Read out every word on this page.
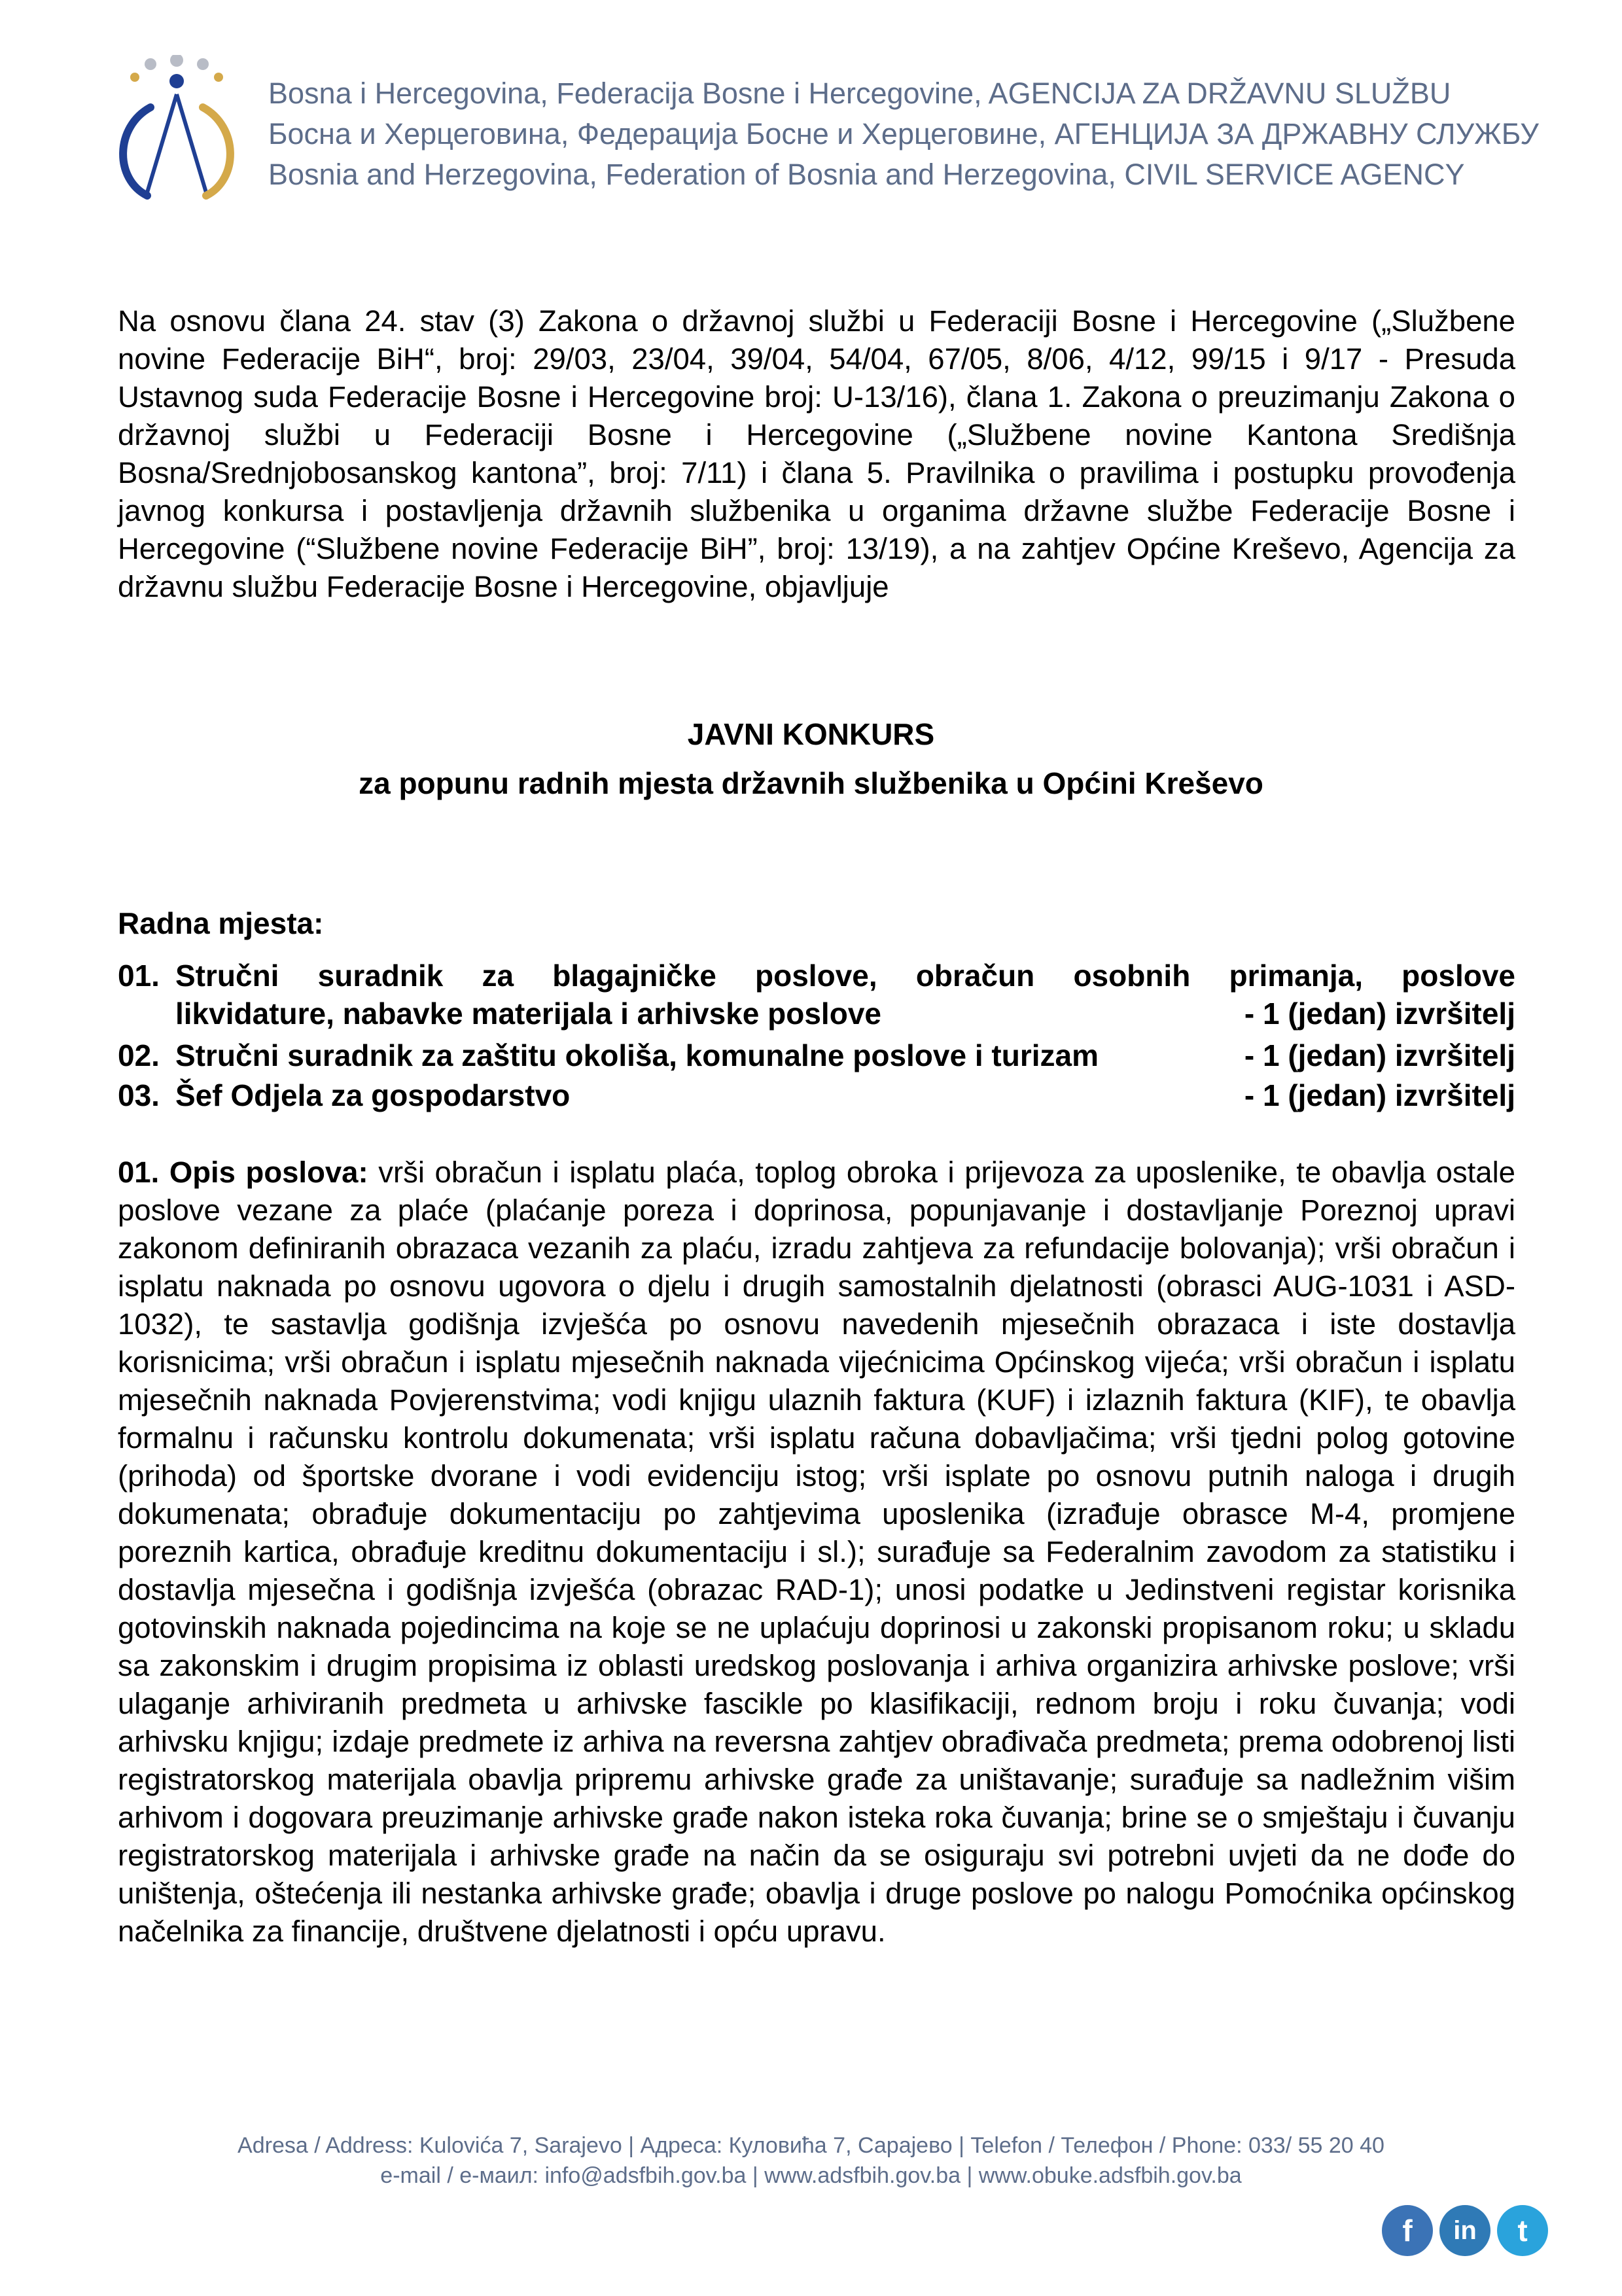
Bosna i Hercegovina, Federacija Bosne i Hercegovine, AGENCIJA ZA DRŽAVNU SLUŽBU
Босна и Херцеговина, Федерација Босне и Херцеговине, АГЕНЦИЈА ЗА ДРЖАВНУ СЛУЖБУ
Bosnia and Herzegovina, Federation of Bosnia and Herzegovina, CIVIL SERVICE AGENCY
Na osnovu člana 24. stav (3) Zakona o državnoj službi u Federaciji Bosne i Hercegovine („Službene novine Federacije BiH“, broj: 29/03, 23/04, 39/04, 54/04, 67/05, 8/06, 4/12, 99/15 i 9/17 - Presuda Ustavnog suda Federacije Bosne i Hercegovine broj: U-13/16), člana 1. Zakona o preuzimanju Zakona o državnoj službi u Federaciji Bosne i Hercegovine („Službene novine Kantona Središnja Bosna/Srednjobosanskog kantona”, broj: 7/11) i člana 5. Pravilnika o pravilima i postupku provođenja javnog konkursa i postavljenja državnih službenika u organima državne službe Federacije Bosne i Hercegovine (“Službene novine Federacije BiH”, broj: 13/19), a na zahtjev Općine Kreševo, Agencija za državnu službu Federacije Bosne i Hercegovine, objavljuje
JAVNI KONKURS
za popunu radnih mjesta državnih službenika u Općini Kreševo
Radna mjesta:
01. Stručni suradnik za blagajničke poslove, obračun osobnih primanja, poslove
likvidature, nabavke materijala i arhivske poslove	- 1 (jedan) izvršitelj
02. Stručni suradnik za zaštitu okoliša, komunalne poslove i turizam	- 1 (jedan) izvršitelj
03. Šef Odjela za gospodarstvo	- 1 (jedan) izvršitelj
01. Opis poslova: vrši obračun i isplatu plaća, toplog obroka i prijevoza za uposlenike, te obavlja ostale poslove vezane za plaće (plaćanje poreza i doprinosa, popunjavanje i dostavljanje Poreznoj upravi zakonom definiranih obrazaca vezanih za plaću, izradu zahtjeva za refundacije bolovanja); vrši obračun i isplatu naknada po osnovu ugovora o djelu i drugih samostalnih djelatnosti (obrasci AUG-1031 i ASD-1032), te sastavlja godišnja izvješća po osnovu navedenih mjesečnih obrazaca i iste dostavlja korisnicima; vrši obračun i isplatu mjesečnih naknada vijećnicima Općinskog vijeća; vrši obračun i isplatu mjesečnih naknada Povjerenstvima; vodi knjigu ulaznih faktura (KUF) i izlaznih faktura (KIF), te obavlja formalnu i računsku kontrolu dokumenata; vrši isplatu računa dobavljačima; vrši tjedni polog gotovine (prihoda) od športske dvorane i vodi evidenciju istog; vrši isplate po osnovu putnih naloga i drugih dokumenata; obrađuje dokumentaciju po zahtjevima uposlenika (izrađuje obrasce M-4, promjene poreznih kartica, obrađuje kreditnu dokumentaciju i sl.); surađuje sa Federalnim zavodom za statistiku i dostavlja mjesečna i godišnja izvješća (obrazac RAD-1); unosi podatke u Jedinstveni registar korisnika gotovinskih naknada pojedincima na koje se ne uplaćuju doprinosi u zakonski propisanom roku; u skladu sa zakonskim i drugim propisima iz oblasti uredskog poslovanja i arhiva organizira arhivske poslove; vrši ulaganje arhiviranih predmeta u arhivske fascikle po klasifikaciji, rednom broju i roku čuvanja; vodi arhivsku knjigu; izdaje predmete iz arhiva na reversna zahtjev obrađivača predmeta; prema odobrenoj listi registratorskog materijala obavlja pripremu arhivske građe za uništavanje; surađuje sa nadležnim višim arhivom i dogovara preuzimanje arhivske građe nakon isteka roka čuvanja; brine se o smještaju i čuvanju registratorskog materijala i arhivske građe na način da se osiguraju svi potrebni uvjeti da ne dođe do uništenja, oštećenja ili nestanka arhivske građe; obavlja i druge poslove po nalogu Pomoćnika općinskog načelnika za financije, društvene djelatnosti i opću upravu.
Adresa / Address: Kulovića 7, Sarajevo | Адреса: Куловића 7, Сарајево | Telefon / Телефон / Phone: 033/ 55 20 40
e-mail / е-маил: info@adsfbih.gov.ba | www.adsfbih.gov.ba | www.obuke.adsfbih.gov.ba
f	in	t
